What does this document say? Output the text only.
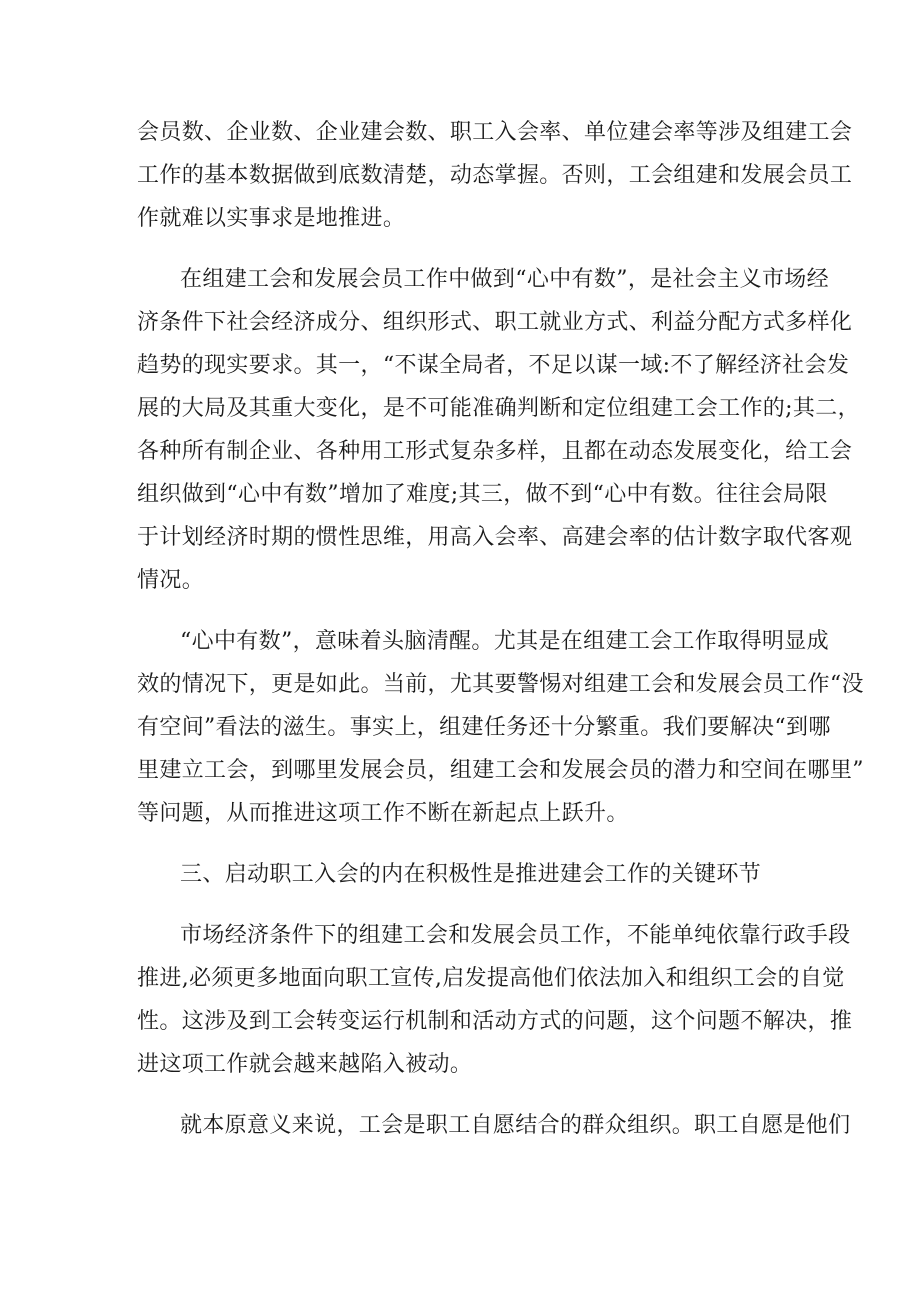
会员数、企业数、企业建会数、职工入会率、单位建会率等涉及组建工会
工作的基本数据做到底数清楚，动态掌握。否则，工会组建和发展会员工
作就难以实事求是地推进。
在组建工会和发展会员工作中做到“心中有数”，是社会主义市场经
济条件下社会经济成分、组织形式、职工就业方式、利益分配方式多样化
趋势的现实要求。其一，“不谋全局者，不足以谋一域:不了解经济社会发
展的大局及其重大变化，是不可能准确判断和定位组建工会工作的;其二，
各种所有制企业、各种用工形式复杂多样，且都在动态发展变化，给工会
组织做到“心中有数”增加了难度;其三，做不到“心中有数。往往会局限
于计划经济时期的惯性思维，用高入会率、高建会率的估计数字取代客观
情况。
“心中有数”，意味着头脑清醒。尤其是在组建工会工作取得明显成
效的情况下，更是如此。当前，尤其要警惕对组建工会和发展会员工作“没
有空间”看法的滋生。事实上，组建任务还十分繁重。我们要解决“到哪
里建立工会，到哪里发展会员，组建工会和发展会员的潜力和空间在哪里”
等问题，从而推进这项工作不断在新起点上跃升。
三、启动职工入会的内在积极性是推进建会工作的关键环节
市场经济条件下的组建工会和发展会员工作，不能单纯依靠行政手段
推进,必须更多地面向职工宣传,启发提高他们依法加入和组织工会的自觉
性。这涉及到工会转变运行机制和活动方式的问题，这个问题不解决，推
进这项工作就会越来越陷入被动。
就本原意义来说，工会是职工自愿结合的群众组织。职工自愿是他们
